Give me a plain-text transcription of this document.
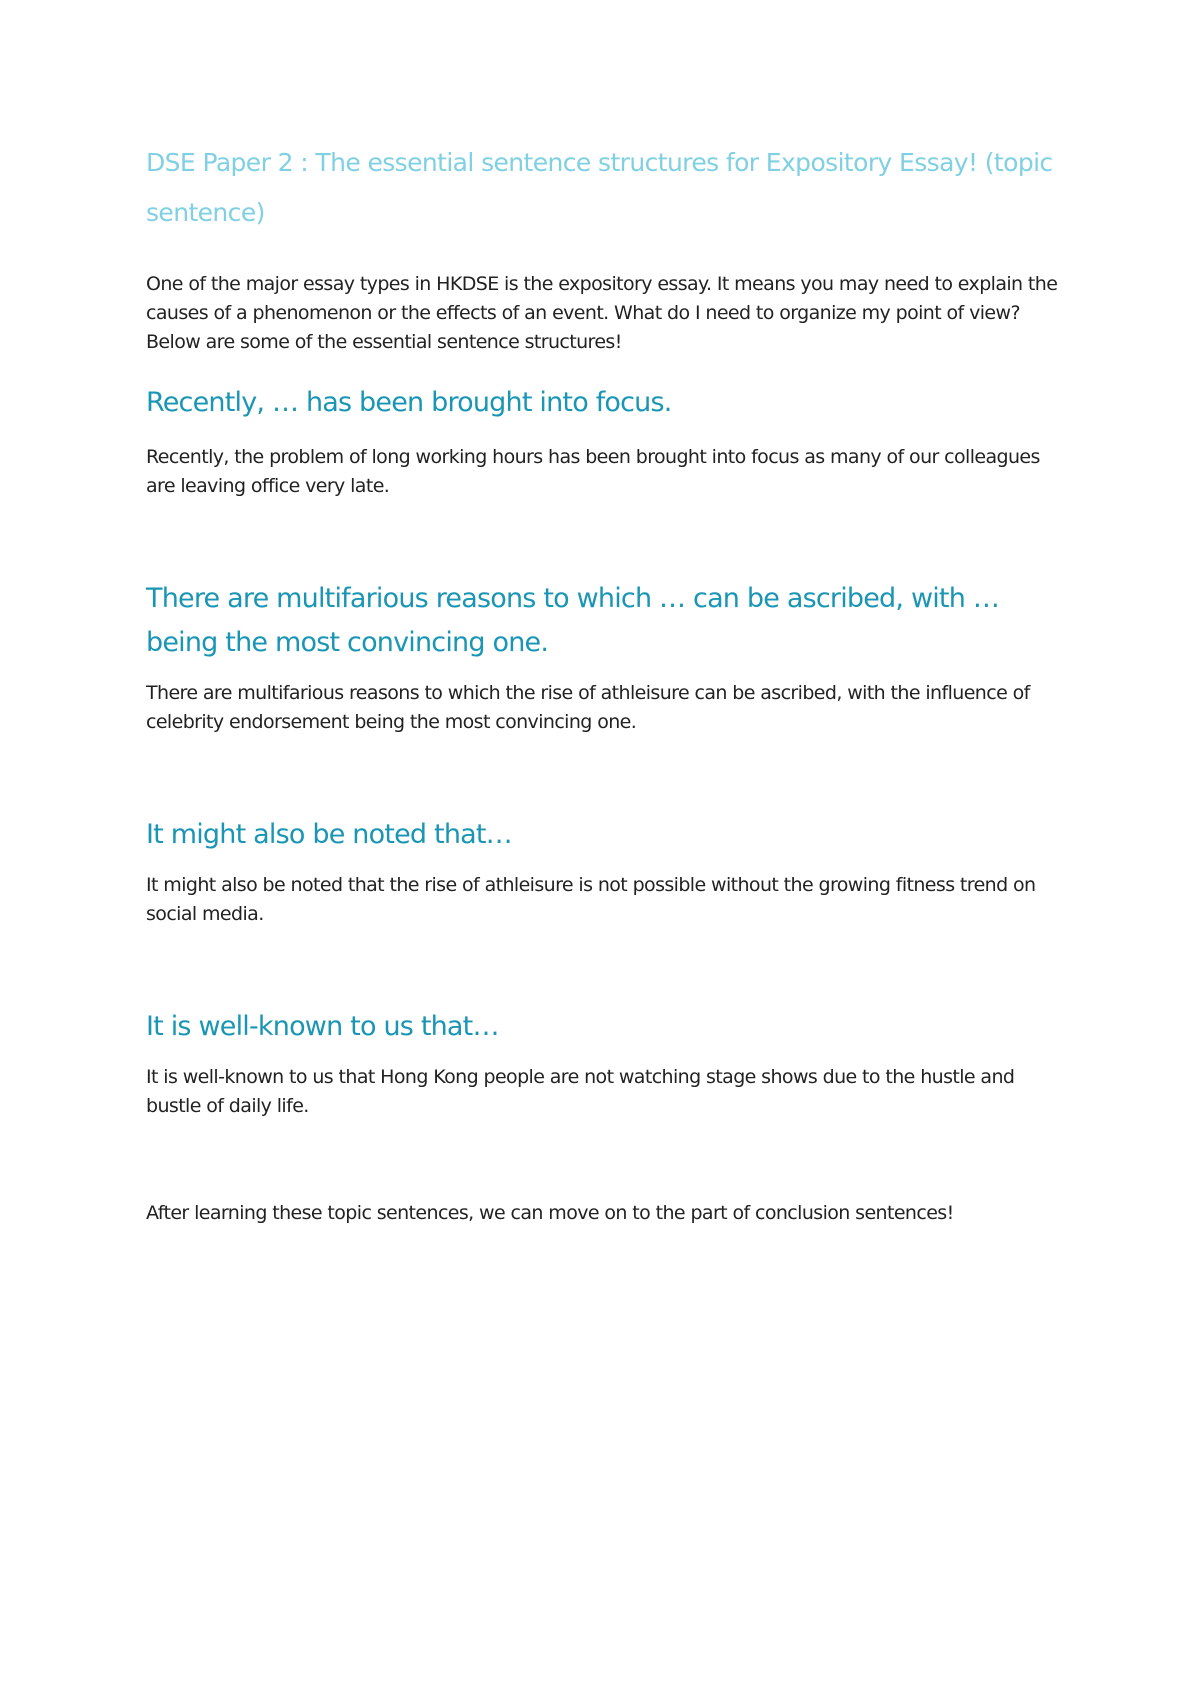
DSE Paper 2 : The essential sentence structures for Expository Essay! (topic sentence)

One of the major essay types in HKDSE is the expository essay. It means you may need to explain the causes of a phenomenon or the effects of an event. What do I need to organize my point of view? Below are some of the essential sentence structures!

Recently, … has been brought into focus.

Recently, the problem of long working hours has been brought into focus as many of our colleagues are leaving office very late.

There are multifarious reasons to which … can be ascribed, with … being the most convincing one.

There are multifarious reasons to which the rise of athleisure can be ascribed, with the influence of celebrity endorsement being the most convincing one.

It might also be noted that…

It might also be noted that the rise of athleisure is not possible without the growing fitness trend on social media.

It is well-known to us that…

It is well-known to us that Hong Kong people are not watching stage shows due to the hustle and bustle of daily life.

After learning these topic sentences, we can move on to the part of conclusion sentences!
